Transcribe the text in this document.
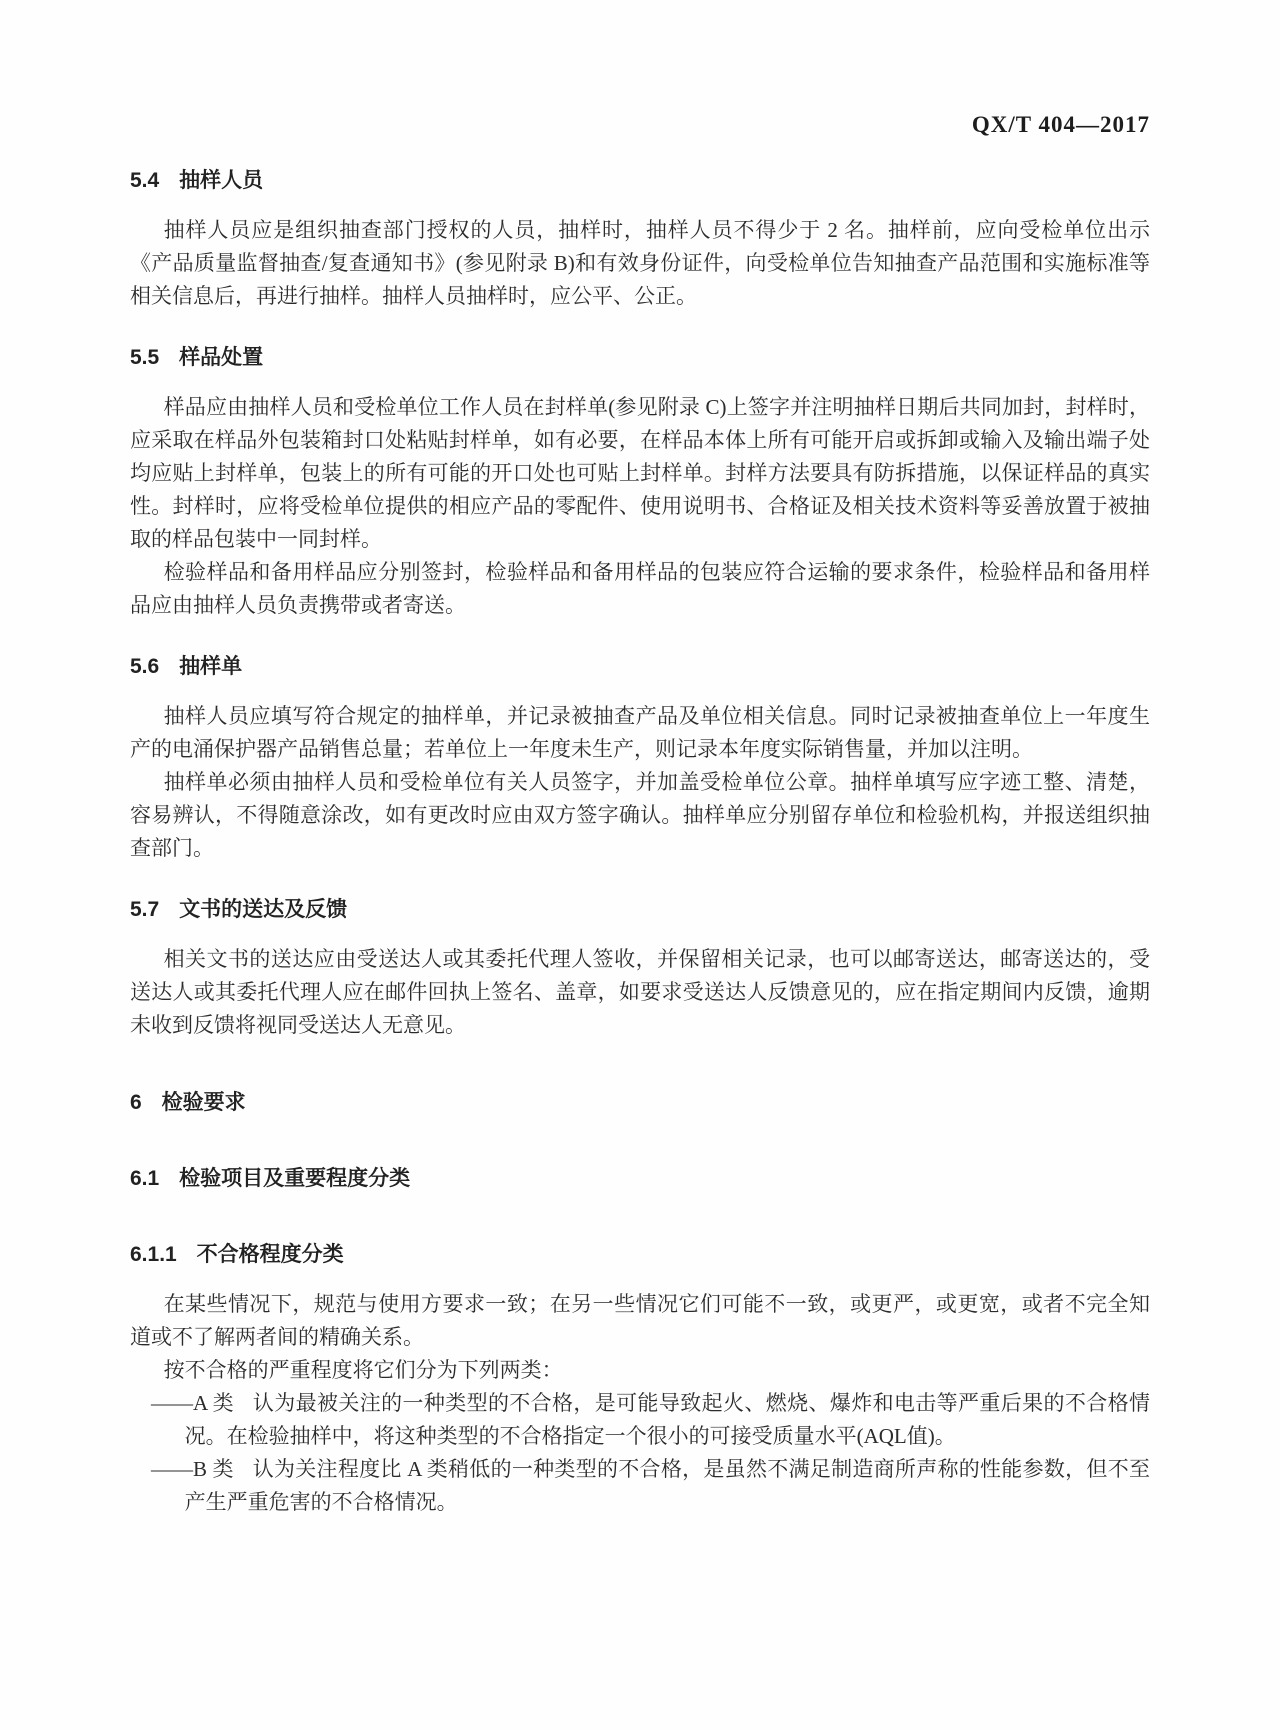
QX/T 404—2017
5.4 抽样人员

抽样人员应是组织抽查部门授权的人员，抽样时，抽样人员不得少于 2 名。抽样前，应向受检单位出示《产品质量监督抽查/复查通知书》(参见附录 B)和有效身份证件，向受检单位告知抽查产品范围和实施标准等相关信息后，再进行抽样。抽样人员抽样时，应公平、公正。

5.5 样品处置

样品应由抽样人员和受检单位工作人员在封样单(参见附录 C)上签字并注明抽样日期后共同加封，封样时，应采取在样品外包装箱封口处粘贴封样单，如有必要，在样品本体上所有可能开启或拆卸或输入及输出端子处均应贴上封样单，包装上的所有可能的开口处也可贴上封样单。封样方法要具有防拆措施，以保证样品的真实性。封样时，应将受检单位提供的相应产品的零配件、使用说明书、合格证及相关技术资料等妥善放置于被抽取的样品包装中一同封样。

检验样品和备用样品应分别签封，检验样品和备用样品的包装应符合运输的要求条件，检验样品和备用样品应由抽样人员负责携带或者寄送。

5.6 抽样单

抽样人员应填写符合规定的抽样单，并记录被抽查产品及单位相关信息。同时记录被抽查单位上一年度生产的电涌保护器产品销售总量；若单位上一年度未生产，则记录本年度实际销售量，并加以注明。

抽样单必须由抽样人员和受检单位有关人员签字，并加盖受检单位公章。抽样单填写应字迹工整、清楚，容易辨认，不得随意涂改，如有更改时应由双方签字确认。抽样单应分别留存单位和检验机构，并报送组织抽查部门。

5.7 文书的送达及反馈

相关文书的送达应由受送达人或其委托代理人签收，并保留相关记录，也可以邮寄送达，邮寄送达的，受送达人或其委托代理人应在邮件回执上签名、盖章，如要求受送达人反馈意见的，应在指定期间内反馈，逾期未收到反馈将视同受送达人无意见。

6 检验要求
6.1 检验项目及重要程度分类
6.1.1 不合格程度分类

在某些情况下，规范与使用方要求一致；在另一些情况它们可能不一致，或更严，或更宽，或者不完全知道或不了解两者间的精确关系。

按不合格的严重程度将它们分为下列两类：

——A 类 认为最被关注的一种类型的不合格，是可能导致起火、燃烧、爆炸和电击等严重后果的不合格情况。在检验抽样中，将这种类型的不合格指定一个很小的可接受质量水平(AQL值)。

——B 类 认为关注程度比 A 类稍低的一种类型的不合格，是虽然不满足制造商所声称的性能参数，但不至产生严重危害的不合格情况。
